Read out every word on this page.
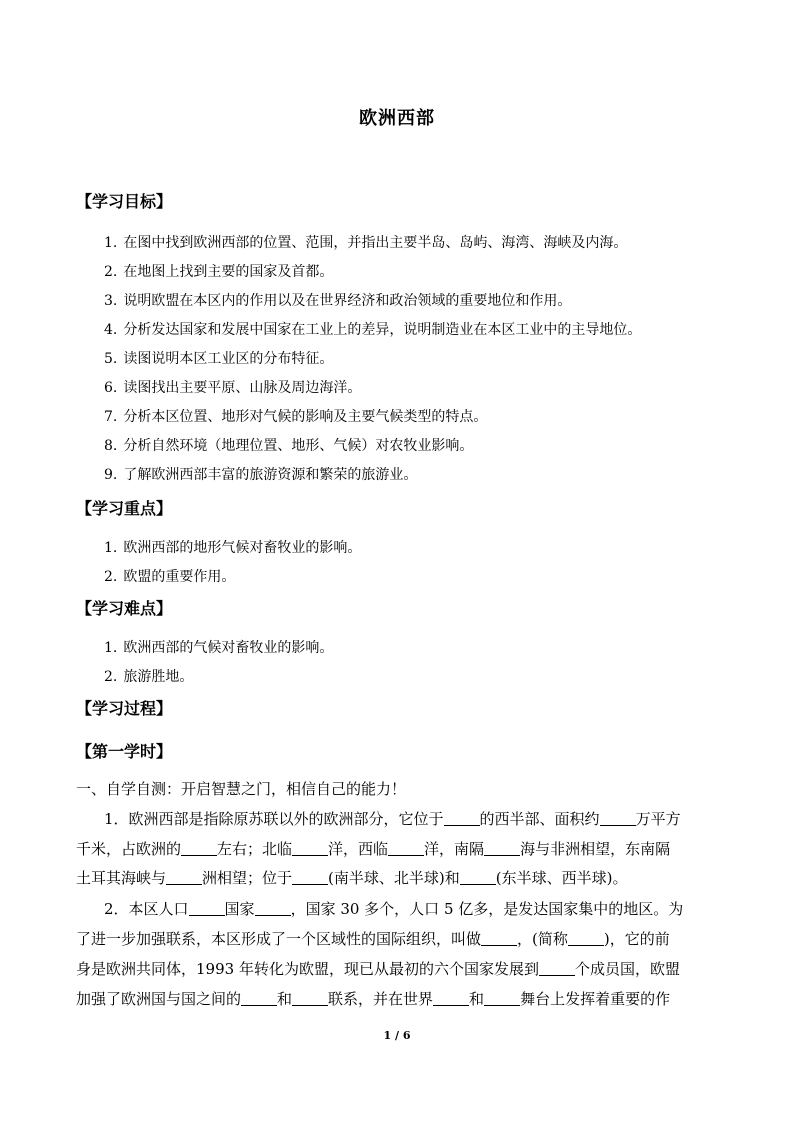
欧洲西部
【学习目标】
1. 在图中找到欧洲西部的位置、范围，并指出主要半岛、岛屿、海湾、海峡及内海。
2. 在地图上找到主要的国家及首都。
3. 说明欧盟在本区内的作用以及在世界经济和政治领域的重要地位和作用。
4. 分析发达国家和发展中国家在工业上的差异，说明制造业在本区工业中的主导地位。
5. 读图说明本区工业区的分布特征。
6. 读图找出主要平原、山脉及周边海洋。
7. 分析本区位置、地形对气候的影响及主要气候类型的特点。
8. 分析自然环境（地理位置、地形、气候）对农牧业影响。
9. 了解欧洲西部丰富的旅游资源和繁荣的旅游业。
【学习重点】
1. 欧洲西部的地形气候对畜牧业的影响。
2. 欧盟的重要作用。
【学习难点】
1. 欧洲西部的气候对畜牧业的影响。
2. 旅游胜地。
【学习过程】
【第一学时】
一、自学自测：开启智慧之门，相信自己的能力！
1．欧洲西部是指除原苏联以外的欧洲部分，它位于 的西半部、面积约 万平方
千米，占欧洲的 左右；北临 洋，西临 洋，南隔 海与非洲相望，东南隔
土耳其海峡与 洲相望；位于 (南半球、北半球)和 (东半球、西半球)。
2．本区人口 国家 ，国家 30 多个，人口 5 亿多，是发达国家集中的地区。为
了进一步加强联系，本区形成了一个区域性的国际组织，叫做 ，(简称 )，它的前
身是欧洲共同体，1993 年转化为欧盟，现已从最初的六个国家发展到 个成员国，欧盟
加强了欧洲国与国之间的 和 联系，并在世界 和 舞台上发挥着重要的作
1 / 6
